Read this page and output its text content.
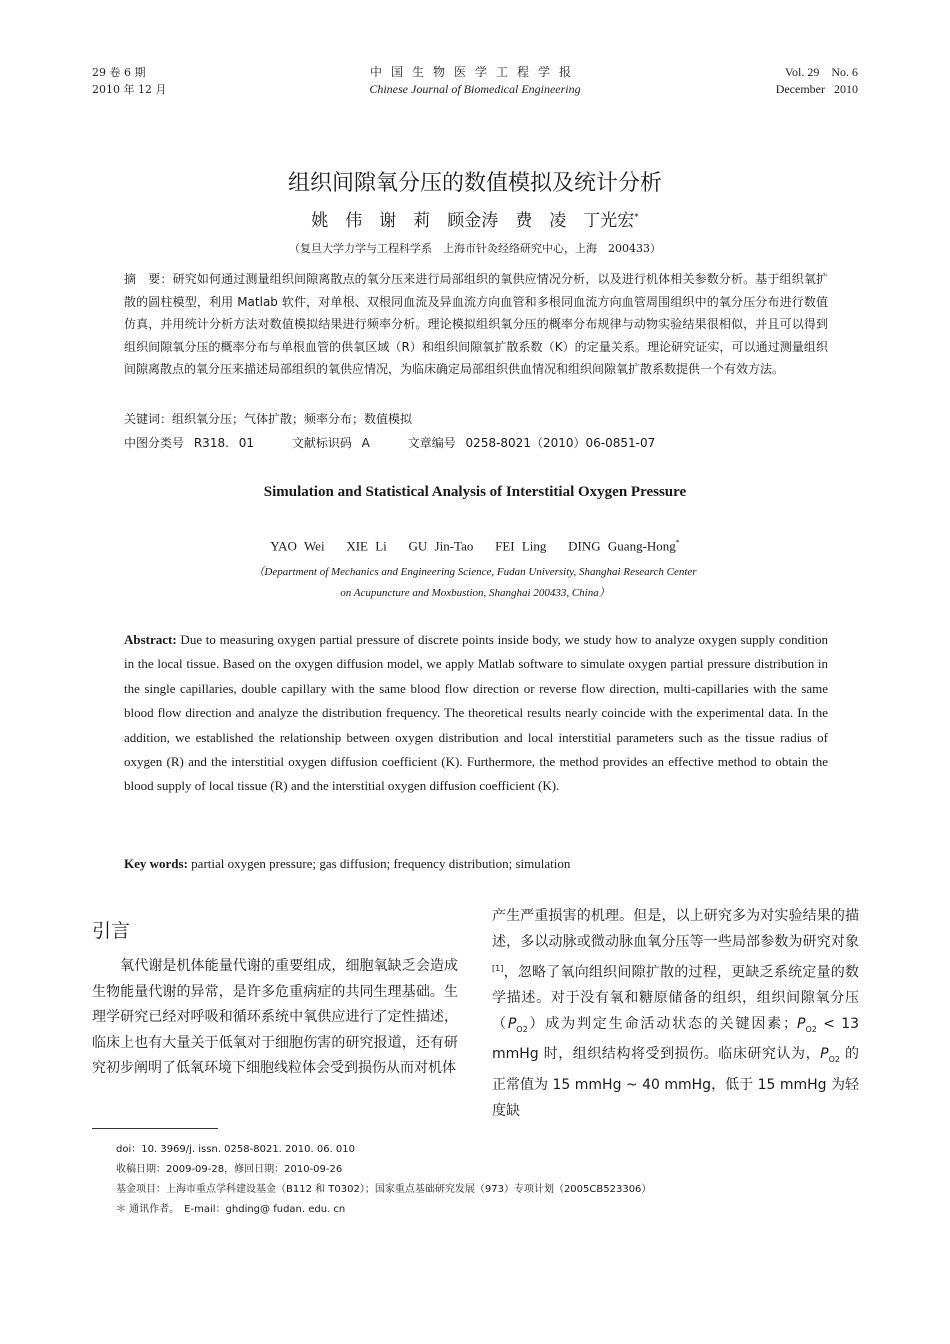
29 卷 6 期
2010 年 12 月
中国生物医学工程学报
Chinese Journal of Biomedical Engineering
Vol. 29    No. 6
December   2010
组织间隙氧分压的数值模拟及统计分析
姚　伟　谢　莉　顾金涛　费　凌　丁光宏*
（复旦大学力学与工程科学系　上海市针灸经络研究中心，上海　200433）
摘　要：研究如何通过测量组织间隙离散点的氧分压来进行局部组织的氧供应情况分析，以及进行机体相关参数分析。基于组织氧扩散的圆柱模型，利用 Matlab 软件，对单根、双根同血流及异血流方向血管和多根同血流方向血管周围组织中的氧分压分布进行数值仿真，并用统计分析方法对数值模拟结果进行频率分析。理论模拟组织氧分压的概率分布规律与动物实验结果很相似，并且可以得到组织间隙氧分压的概率分布与单根血管的供氧区域（R）和组织间隙氧扩散系数（K）的定量关系。理论研究证实，可以通过测量组织间隙离散点的氧分压来描述局部组织的氧供应情况，为临床确定局部组织供血情况和组织间隙氧扩散系数提供一个有效方法。
关键词：组织氧分压；气体扩散；频率分布；数值模拟
中图分类号 R318. 01	文献标识码 A	文章编号 0258-8021（2010）06-0851-07
Simulation and Statistical Analysis of Interstitial Oxygen Pressure
YAO Wei   XIE Li   GU Jin-Tao   FEI Ling   DING Guang-Hong*
（Department of Mechanics and Engineering Science, Fudan University, Shanghai Research Center
on Acupuncture and Moxbustion, Shanghai 200433, China）
Abstract: Due to measuring oxygen partial pressure of discrete points inside body, we study how to analyze oxygen supply condition in the local tissue. Based on the oxygen diffusion model, we apply Matlab software to simulate oxygen partial pressure distribution in the single capillaries, double capillary with the same blood flow direction or reverse flow direction, multi-capillaries with the same blood flow direction and analyze the distribution frequency. The theoretical results nearly coincide with the experimental data. In the addition, we established the relationship between oxygen distribution and local interstitial parameters such as the tissue radius of oxygen (R) and the interstitial oxygen diffusion coefficient (K). Furthermore, the method provides an effective method to obtain the blood supply of local tissue (R) and the interstitial oxygen diffusion coefficient (K).
Key words: partial oxygen pressure; gas diffusion; frequency distribution; simulation
引言
　　氧代谢是机体能量代谢的重要组成，细胞氧缺乏会造成生物能量代谢的异常，是许多危重病症的共同生理基础。生理学研究已经对呼吸和循环系统中氧供应进行了定性描述，临床上也有大量关于低氧对于细胞伤害的研究报道，还有研究初步阐明了低氧环境下细胞线粒体会受到损伤从而对机体
产生严重损害的机理。但是，以上研究多为对实验结果的描述，多以动脉或微动脉血氧分压等一些局部参数为研究对象[1]，忽略了氧向组织间隙扩散的过程，更缺乏系统定量的数学描述。对于没有氧和糖原储备的组织，组织间隙氧分压$(P_{O2})$成为判定生命活动状态的关键因素；$P_{O2} < 13$ mmHg 时，组织结构将受到损伤。临床研究认为，$P_{O2}$ 的正常值为 15 mmHg ~ 40 mmHg，低于 15 mmHg 为轻度缺
doi：10. 3969/j. issn. 0258-8021. 2010. 06. 010
收稿日期：2009-09-28，修回日期：2010-09-26
基金项目：上海市重点学科建设基金（B112 和 T0302）；国家重点基础研究发展（973）专项计划（2005CB523306）
＊ 通讯作者。　E-mail：ghding@ fudan. edu. cn
